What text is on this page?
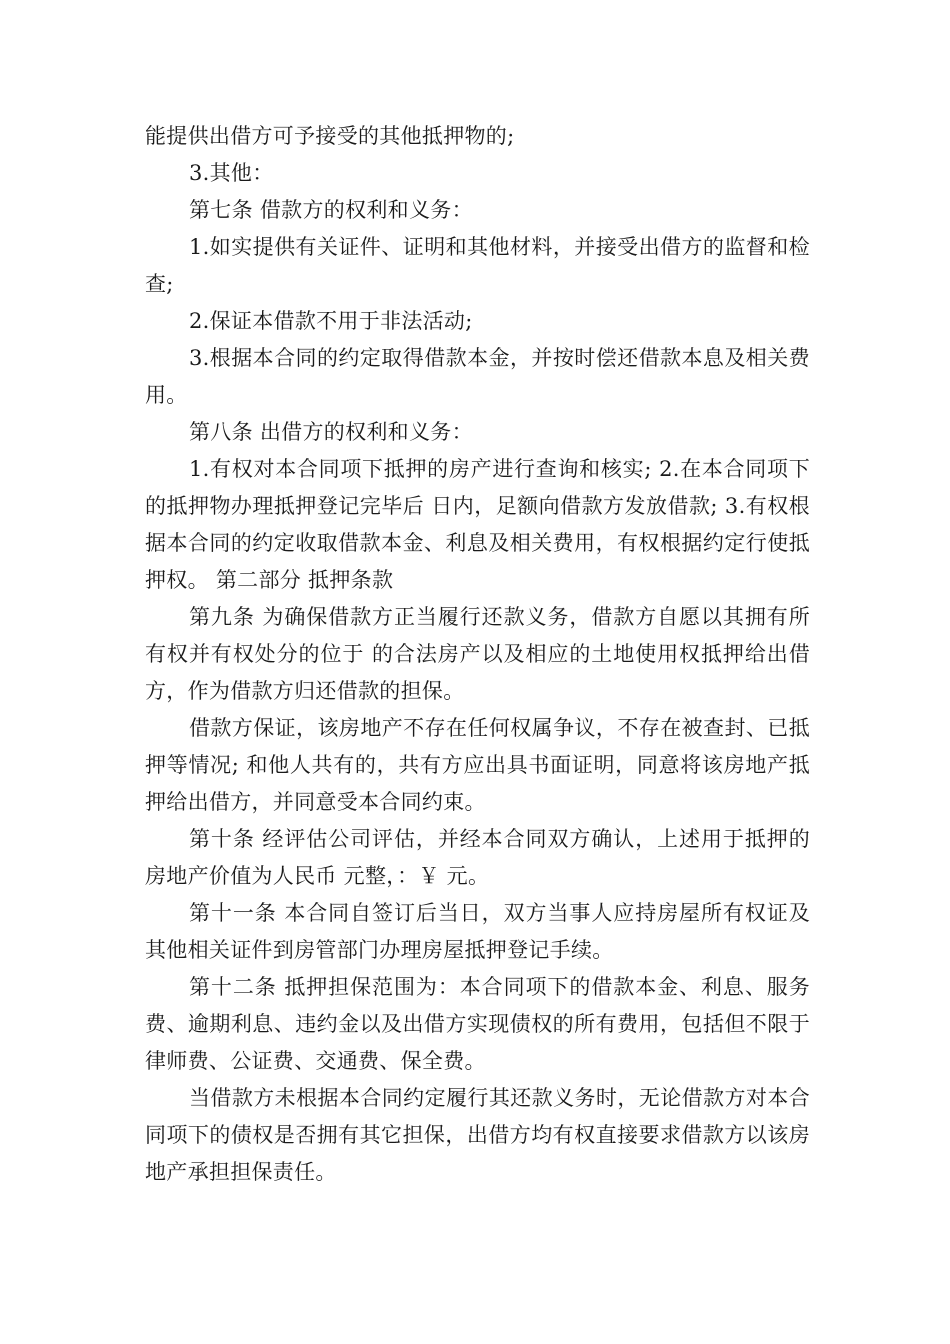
能提供出借方可予接受的其他抵押物的;

3.其他：

第七条 借款方的权利和义务：

1.如实提供有关证件、证明和其他材料，并接受出借方的监督和检查;

2.保证本借款不用于非法活动;

3.根据本合同的约定取得借款本金，并按时偿还借款本息及相关费用。

第八条 出借方的权利和义务：

1.有权对本合同项下抵押的房产进行查询和核实; 2.在本合同项下的抵押物办理抵押登记完毕后 日内，足额向借款方发放借款; 3.有权根据本合同的约定收取借款本金、利息及相关费用，有权根据约定行使抵押权。 第二部分 抵押条款

第九条 为确保借款方正当履行还款义务，借款方自愿以其拥有所有权并有权处分的位于 的合法房产以及相应的土地使用权抵押给出借方，作为借款方归还借款的担保。

借款方保证，该房地产不存在任何权属争议，不存在被查封、已抵押等情况; 和他人共有的，共有方应出具书面证明，同意将该房地产抵押给出借方，并同意受本合同约束。

第十条 经评估公司评估，并经本合同双方确认，上述用于抵押的房地产价值为人民币 元整，：￥ 元。

第十一条 本合同自签订后当日，双方当事人应持房屋所有权证及其他相关证件到房管部门办理房屋抵押登记手续。

第十二条 抵押担保范围为：本合同项下的借款本金、利息、服务费、逾期利息、违约金以及出借方实现债权的所有费用，包括但不限于律师费、公证费、交通费、保全费。

当借款方未根据本合同约定履行其还款义务时，无论借款方对本合同项下的债权是否拥有其它担保，出借方均有权直接要求借款方以该房地产承担担保责任。
